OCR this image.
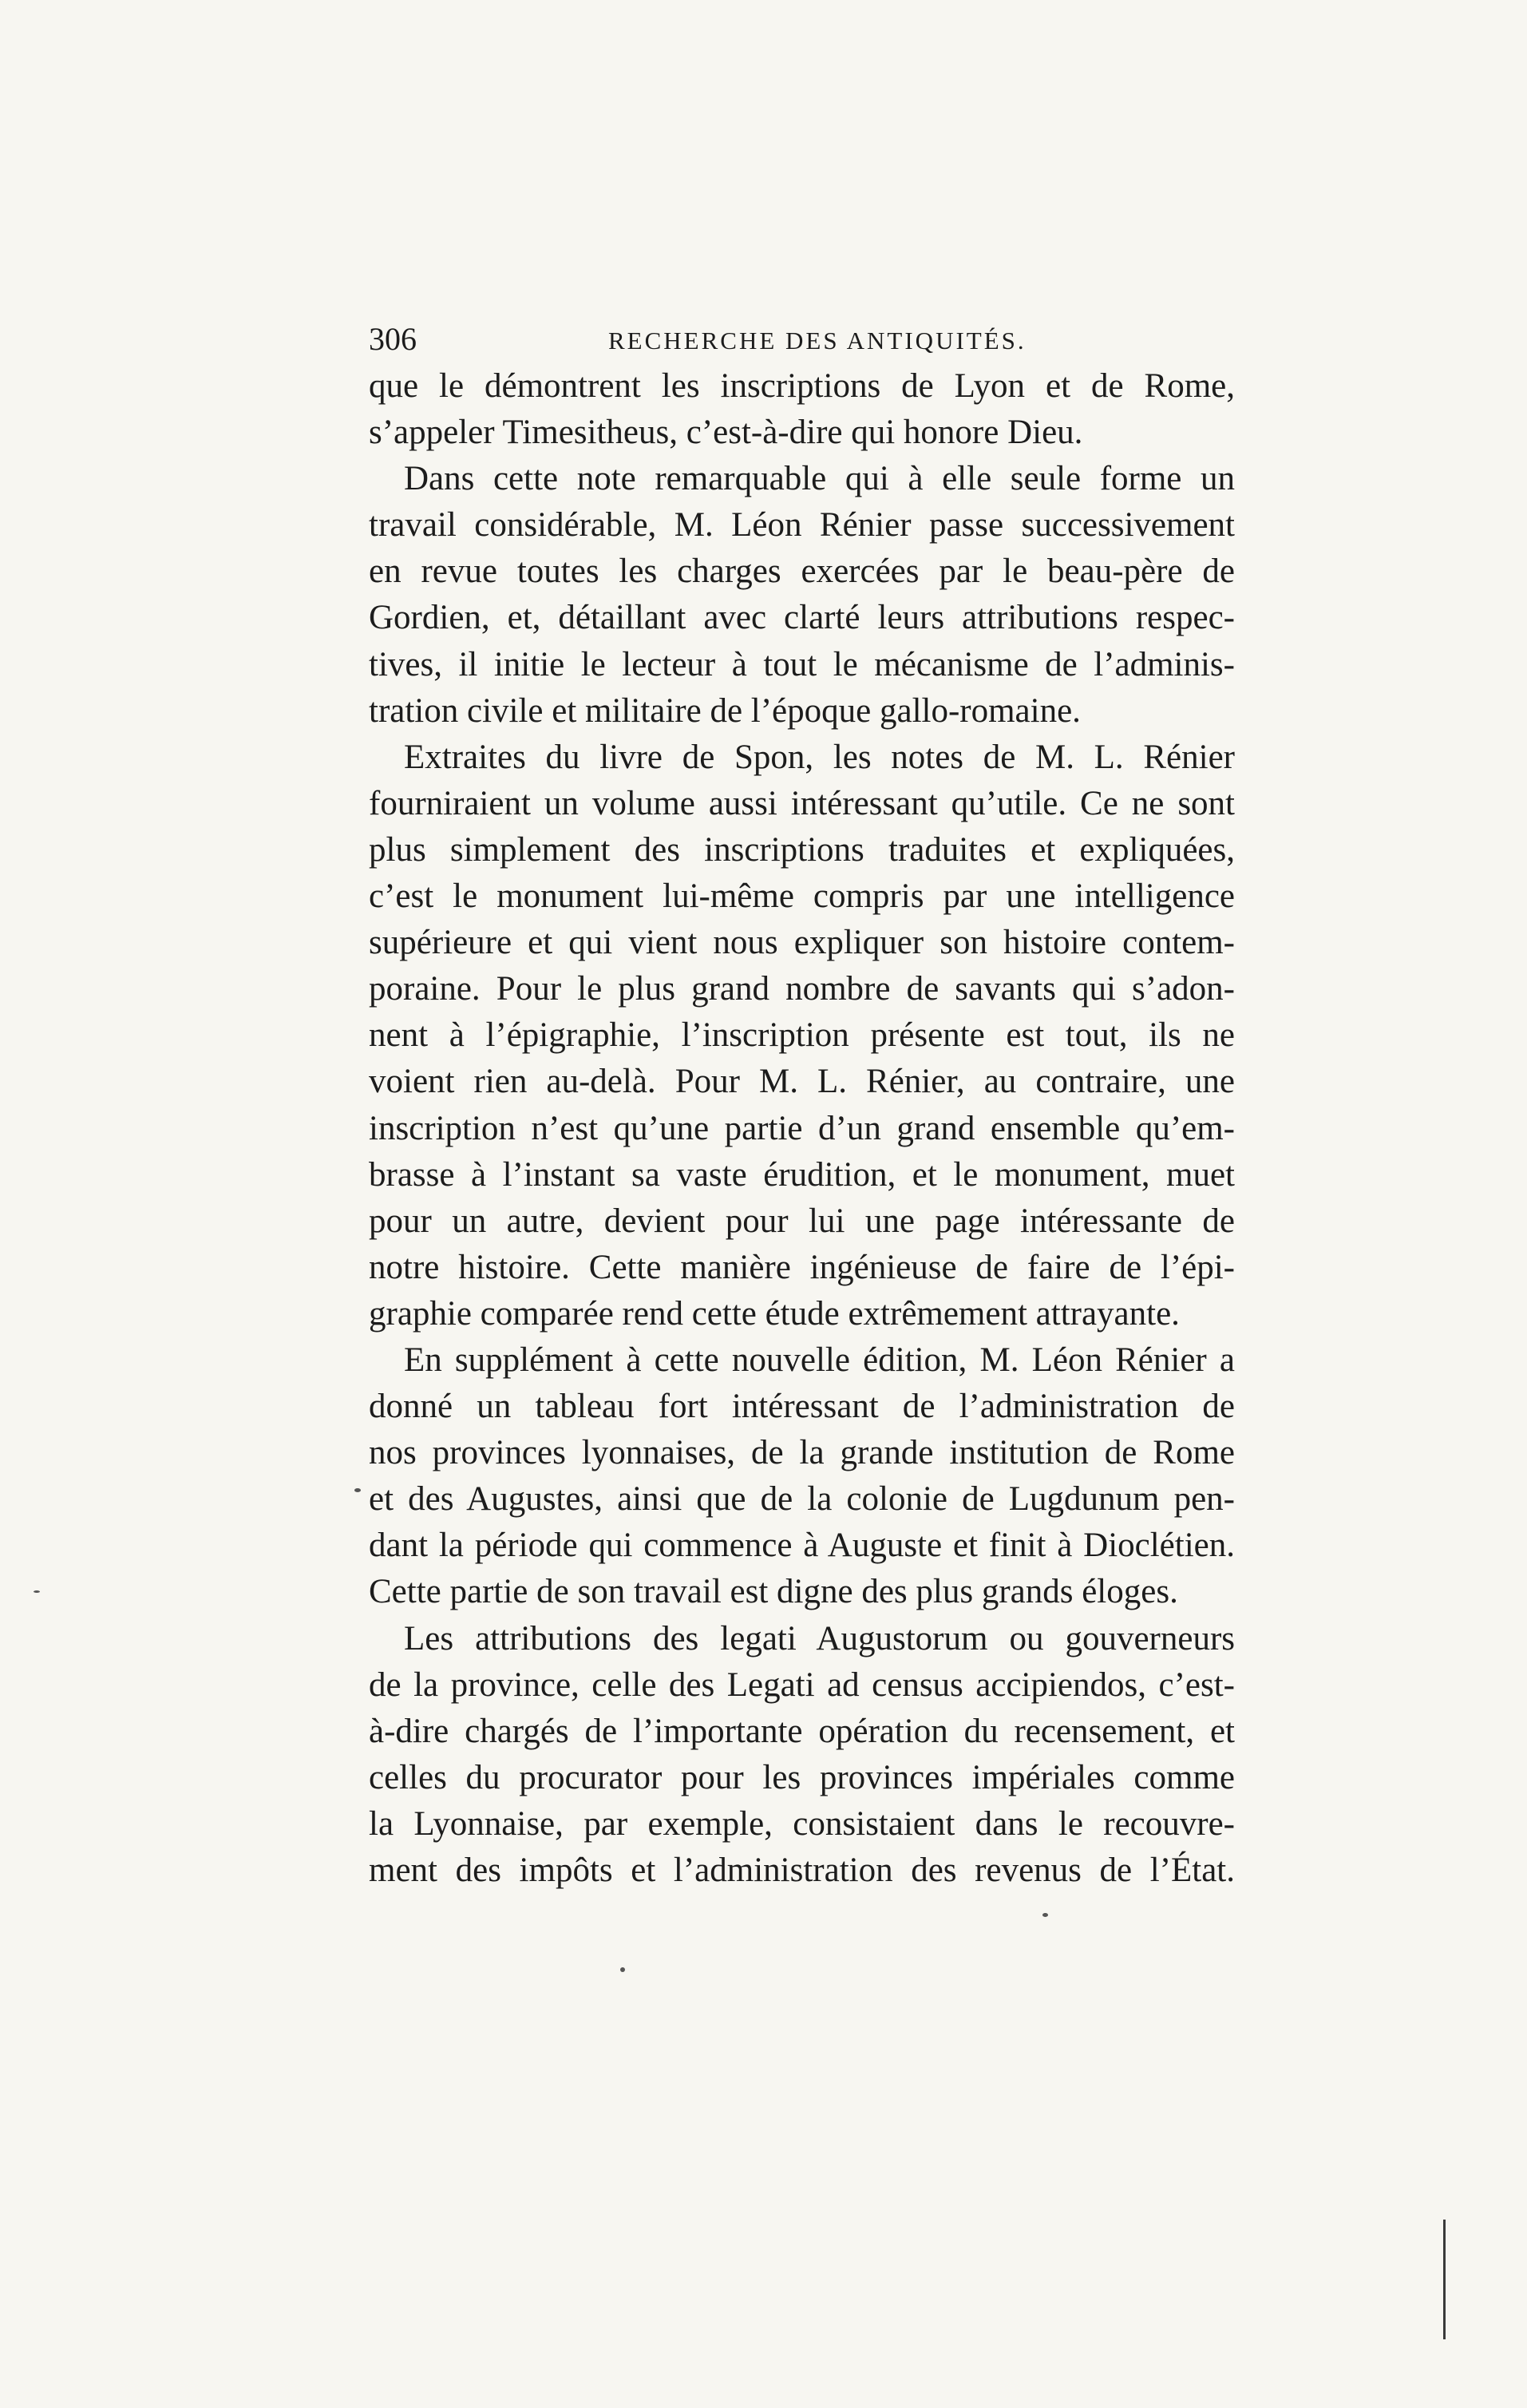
306	RECHERCHE DES ANTIQUITÉS.
que le démontrent les inscriptions de Lyon et de Rome,
s’appeler Timesitheus, c’est-à-dire qui honore Dieu.
Dans cette note remarquable qui à elle seule forme un
travail considérable, M. Léon Rénier passe successivement
en revue toutes les charges exercées par le beau-père de
Gordien, et, détaillant avec clarté leurs attributions respec-
tives, il initie le lecteur à tout le mécanisme de l’adminis-
tration civile et militaire de l’époque gallo-romaine.
Extraites du livre de Spon, les notes de M. L. Rénier
fourniraient un volume aussi intéressant qu’utile. Ce ne sont
plus simplement des inscriptions traduites et expliquées,
c’est le monument lui-même compris par une intelligence
supérieure et qui vient nous expliquer son histoire contem-
poraine. Pour le plus grand nombre de savants qui s’adon-
nent à l’épigraphie, l’inscription présente est tout, ils ne
voient rien au-delà. Pour M. L. Rénier, au contraire, une
inscription n’est qu’une partie d’un grand ensemble qu’em-
brasse à l’instant sa vaste érudition, et le monument, muet
pour un autre, devient pour lui une page intéressante de
notre histoire. Cette manière ingénieuse de faire de l’épi-
graphie comparée rend cette étude extrêmement attrayante.
En supplément à cette nouvelle édition, M. Léon Rénier a
donné un tableau fort intéressant de l’administration de
nos provinces lyonnaises, de la grande institution de Rome
et des Augustes, ainsi que de la colonie de Lugdunum pen-
dant la période qui commence à Auguste et finit à Dioclétien.
Cette partie de son travail est digne des plus grands éloges.
Les attributions des legati Augustorum ou gouverneurs
de la province, celle des Legati ad census accipiendos, c’est-
à-dire chargés de l’importante opération du recensement, et
celles du procurator pour les provinces impériales comme
la Lyonnaise, par exemple, consistaient dans le recouvre-
ment des impôts et l’administration des revenus de l’État.
